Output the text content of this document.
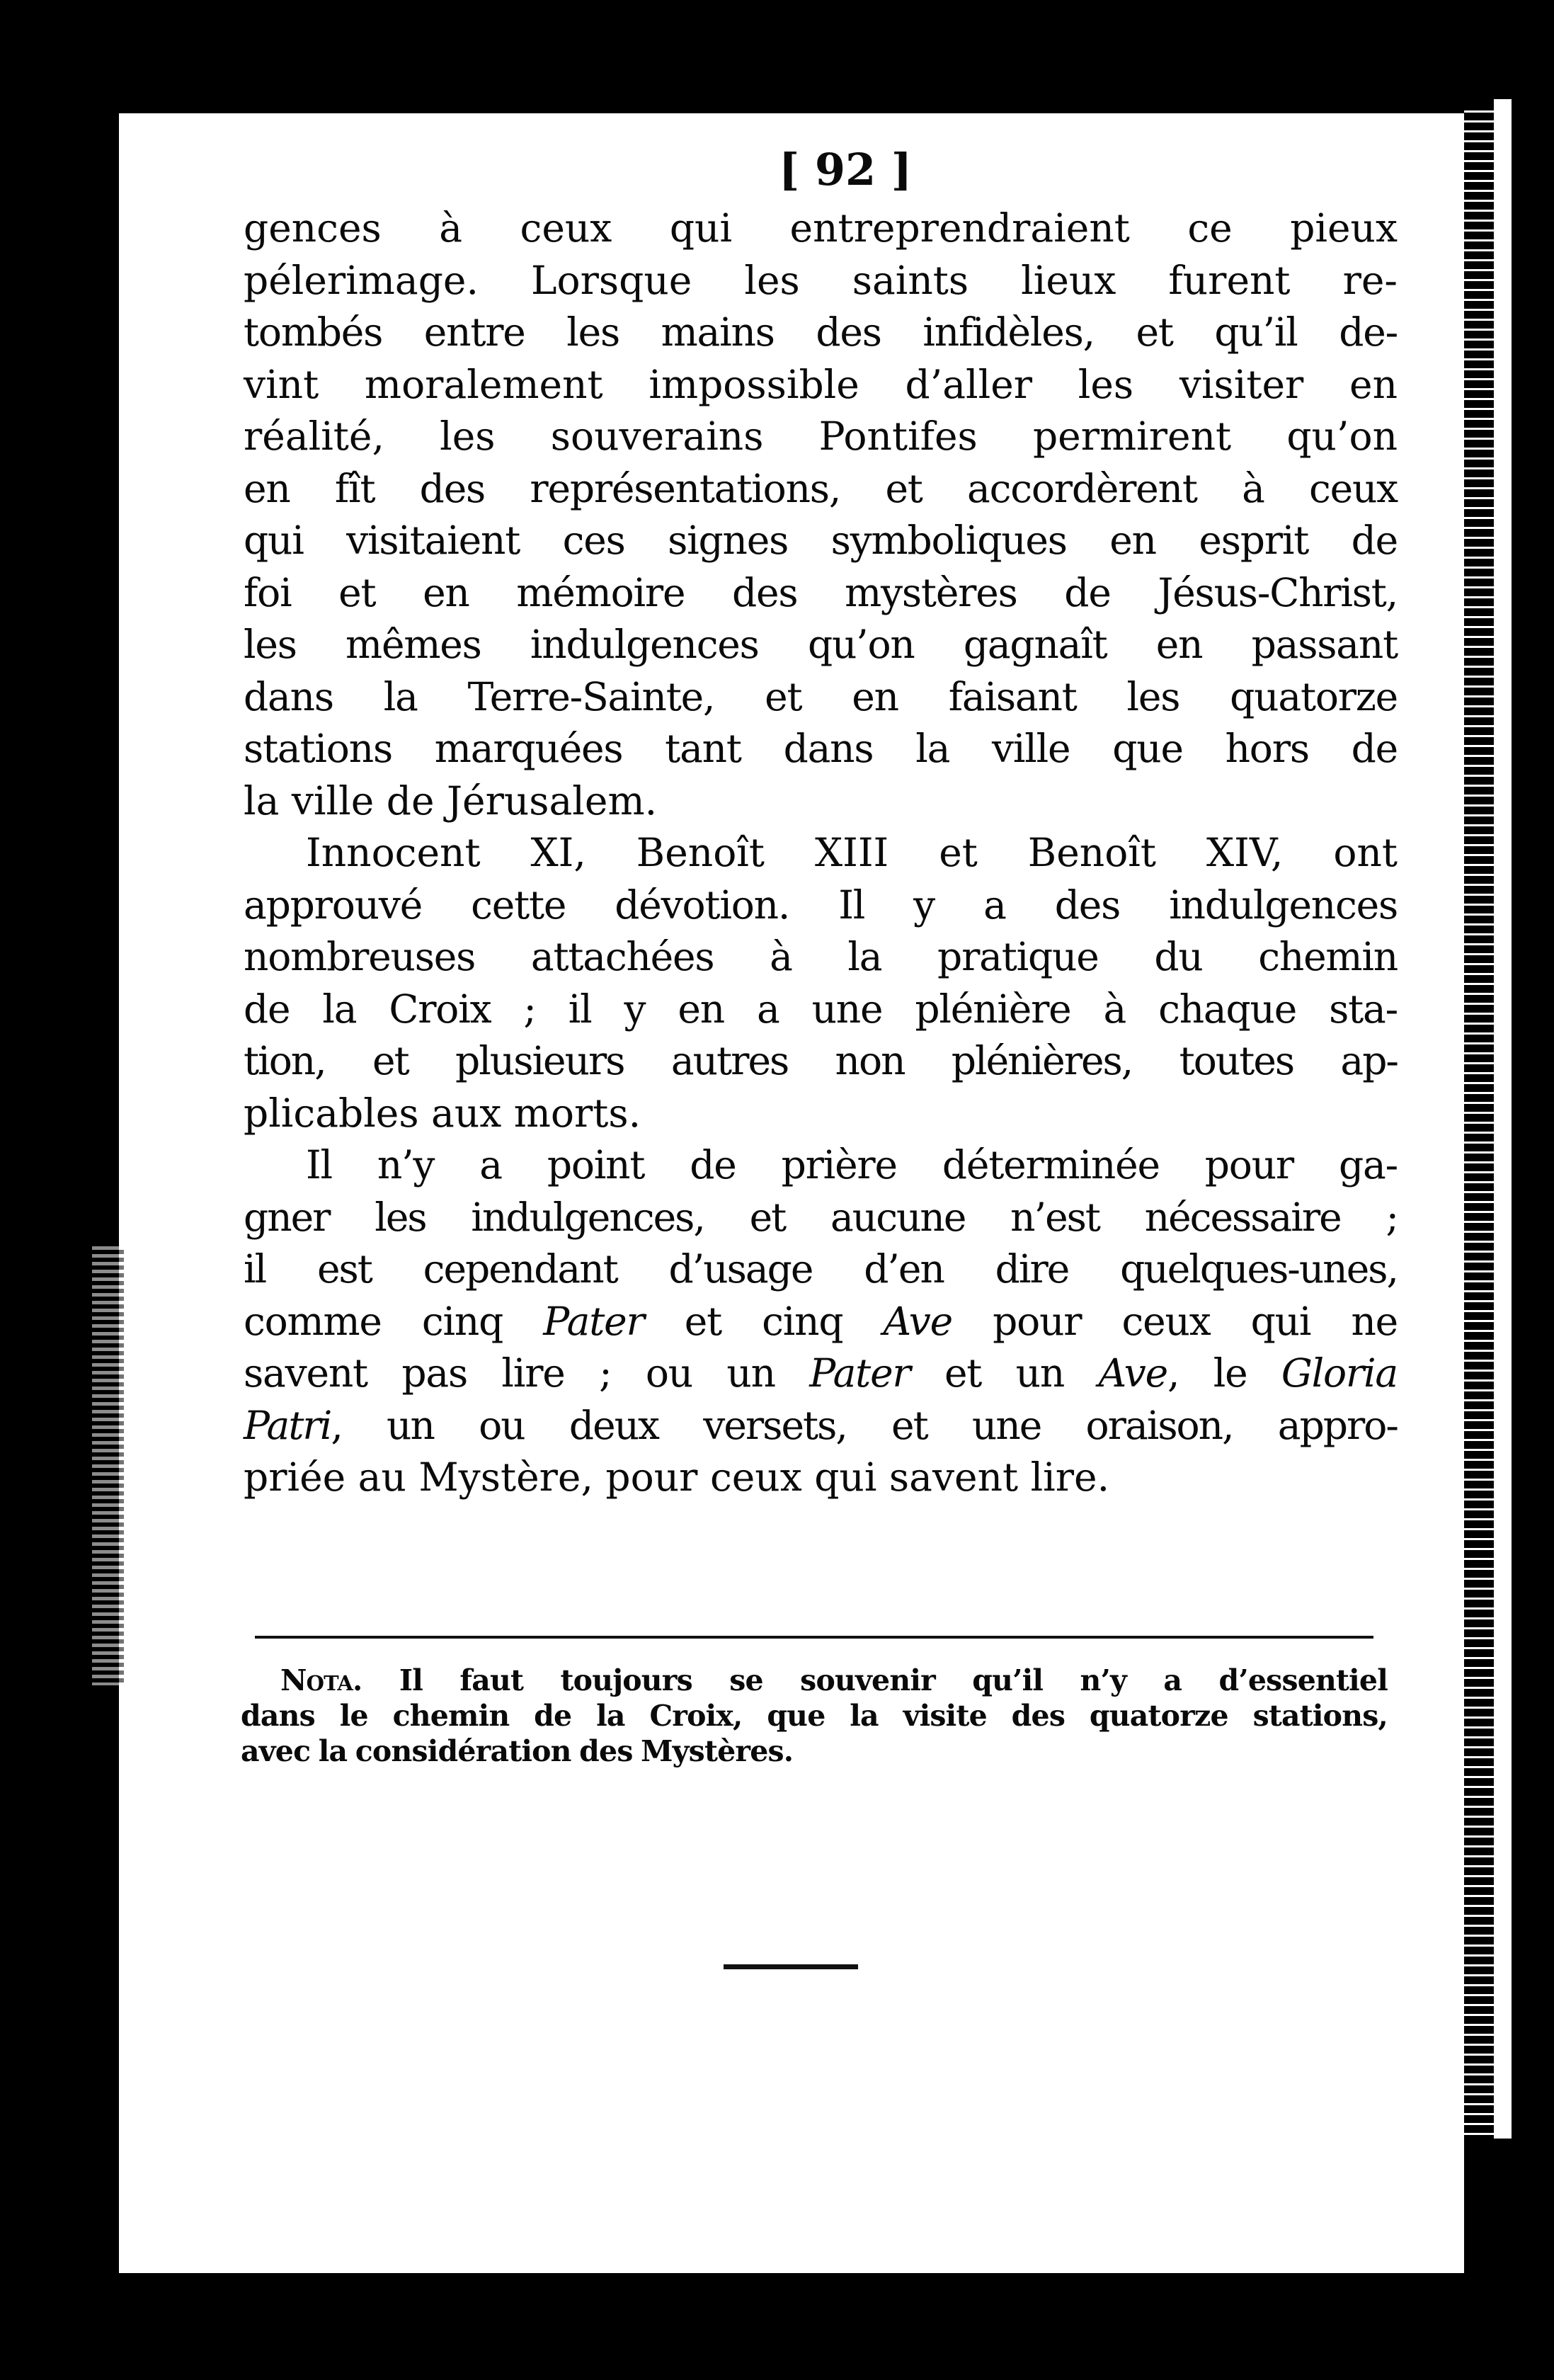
[ 92 ]
gences à ceux qui entreprendraient ce pieux
pélerimage. Lorsque les saints lieux furent re-
tombés entre les mains des infidèles, et qu’il de-
vint moralement impossible d’aller les visiter en
réalité, les souverains Pontifes permirent qu’on
en fît des représentations, et accordèrent à ceux
qui visitaient ces signes symboliques en esprit de
foi et en mémoire des mystères de Jésus-Christ,
les mêmes indulgences qu’on gagnaît en passant
dans la Terre-Sainte, et en faisant les quatorze
stations marquées tant dans la ville que hors de
la ville de Jérusalem.
Innocent XI, Benoît XIII et Benoît XIV, ont
approuvé cette dévotion. Il y a des indulgences
nombreuses attachées à la pratique du chemin
de la Croix ; il y en a une plénière à chaque sta-
tion, et plusieurs autres non plénières, toutes ap-
plicables aux morts.
Il n’y a point de prière déterminée pour ga-
gner les indulgences, et aucune n’est nécessaire ;
il est cependant d’usage d’en dire quelques-unes,
comme cinq Pater et cinq Ave pour ceux qui ne
savent pas lire ; ou un Pater et un Ave, le Gloria
Patri, un ou deux versets, et une oraison, appro-
priée au Mystère, pour ceux qui savent lire.
Nota. Il faut toujours se souvenir qu’il n’y a d’essentiel
dans le chemin de la Croix, que la visite des quatorze stations,
avec la considération des Mystères.
